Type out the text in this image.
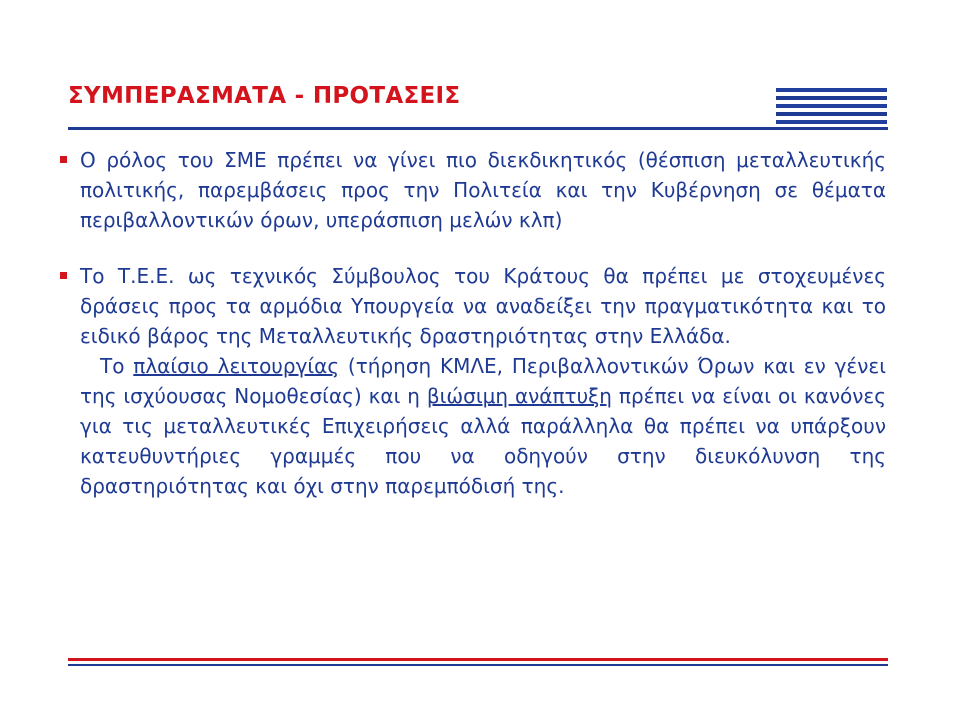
ΣΥΜΠΕΡΑΣΜΑΤΑ - ΠΡΟΤΑΣΕΙΣ

Ο ρόλος του ΣΜΕ πρέπει να γίνει πιο διεκδικητικός (θέσπιση μεταλλευτικής πολιτικής, παρεμβάσεις προς την Πολιτεία και την Κυβέρνηση σε θέματα περιβαλλοντικών όρων, υπεράσπιση μελών κλπ)

Το Τ.Ε.Ε. ως τεχνικός Σύμβουλος του Κράτους θα πρέπει με στοχευμένες δράσεις προς τα αρμόδια Υπουργεία να αναδείξει την πραγματικότητα και το ειδικό βάρος της Μεταλλευτικής δραστηριότητας στην Ελλάδα.

Το πλαίσιο λειτουργίας (τήρηση ΚΜΛΕ, Περιβαλλοντικών Όρων και εν γένει της ισχύουσας Νομοθεσίας) και η βιώσιμη ανάπτυξη πρέπει να είναι οι κανόνες για τις μεταλλευτικές Επιχειρήσεις αλλά παράλληλα θα πρέπει να υπάρξουν κατευθυντήριες γραμμές που να οδηγούν στην διευκόλυνση της δραστηριότητας και όχι στην παρεμπόδισή της.
